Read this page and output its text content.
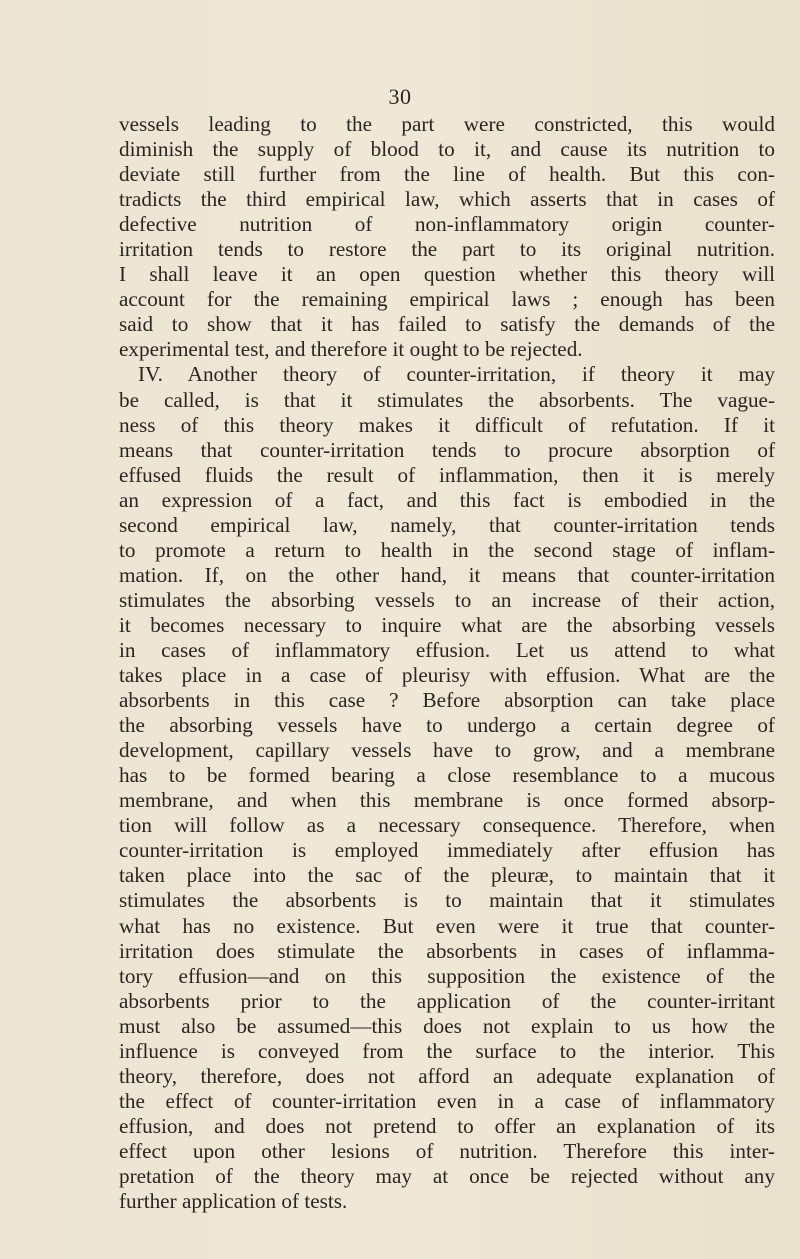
30
vessels leading to the part were constricted, this would
diminish the supply of blood to it, and cause its nutrition to
deviate still further from the line of health. But this con-
tradicts the third empirical law, which asserts that in cases of
defective nutrition of non-inflammatory origin counter-
irritation tends to restore the part to its original nutrition.
I shall leave it an open question whether this theory will
account for the remaining empirical laws ; enough has been
said to show that it has failed to satisfy the demands of the
experimental test, and therefore it ought to be rejected.
IV. Another theory of counter-irritation, if theory it may
be called, is that it stimulates the absorbents. The vague-
ness of this theory makes it difficult of refutation. If it
means that counter-irritation tends to procure absorption of
effused fluids the result of inflammation, then it is merely
an expression of a fact, and this fact is embodied in the
second empirical law, namely, that counter-irritation tends
to promote a return to health in the second stage of inflam-
mation. If, on the other hand, it means that counter-irritation
stimulates the absorbing vessels to an increase of their action,
it becomes necessary to inquire what are the absorbing vessels
in cases of inflammatory effusion. Let us attend to what
takes place in a case of pleurisy with effusion. What are the
absorbents in this case ? Before absorption can take place
the absorbing vessels have to undergo a certain degree of
development, capillary vessels have to grow, and a membrane
has to be formed bearing a close resemblance to a mucous
membrane, and when this membrane is once formed absorp-
tion will follow as a necessary consequence. Therefore, when
counter-irritation is employed immediately after effusion has
taken place into the sac of the pleuræ, to maintain that it
stimulates the absorbents is to maintain that it stimulates
what has no existence. But even were it true that counter-
irritation does stimulate the absorbents in cases of inflamma-
tory effusion—and on this supposition the existence of the
absorbents prior to the application of the counter-irritant
must also be assumed—this does not explain to us how the
influence is conveyed from the surface to the interior. This
theory, therefore, does not afford an adequate explanation of
the effect of counter-irritation even in a case of inflammatory
effusion, and does not pretend to offer an explanation of its
effect upon other lesions of nutrition. Therefore this inter-
pretation of the theory may at once be rejected without any
further application of tests.
